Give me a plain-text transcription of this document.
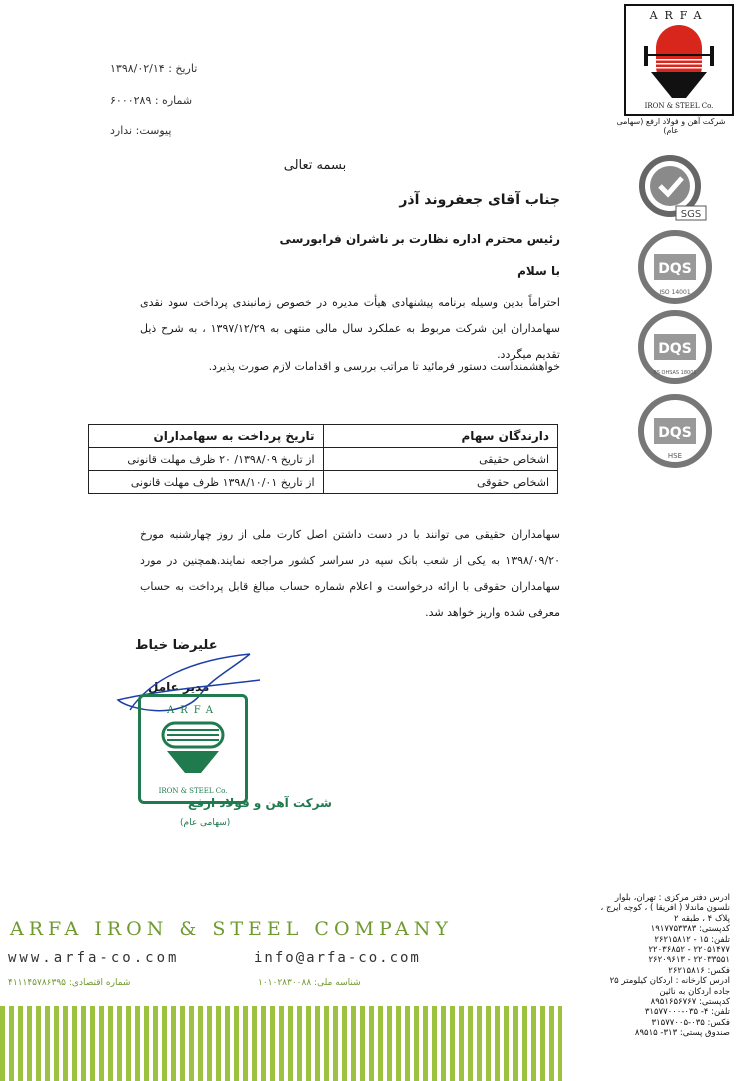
تاریخ : ۱۳۹۸/۰۲/۱۴
شماره : ۶۰۰۰۲۸۹
پیوست: ندارد
ARFA
IRON & STEEL Co.
شرکت آهن و فولاد ارفع (سهامی عام)
SGS
DQS
ISO 14001
DQS
BS OHSAS 18001
DQS
HSE
بسمه تعالی
جناب آقای جعفروند آذر
رئیس محترم اداره نظارت بر ناشران فرابورسی
با سلام
احتراماً بدین وسیله برنامه پیشنهادی هیأت مدیره در خصوص زمانبندی پرداخت سود نقدی سهامداران این شرکت مربوط به عملکرد سال مالی منتهی به ۱۳۹۷/۱۲/۲۹ ، به شرح ذیل تقدیم میگردد.
خواهشمنداست دستور فرمائید تا مراتب بررسی و اقدامات لازم صورت پذیرد.
دارندگان سهام	تاریخ پرداخت به سهامداران
اشخاص حقیقی	از تاریخ ۱۳۹۸/۰۹/ ۲۰ ظرف مهلت قانونی
اشخاص حقوقی	از تاریخ ۱۳۹۸/۱۰/۰۱ ظرف مهلت قانونی
سهامداران حقیقی می توانند با در دست داشتن اصل کارت ملی از روز چهارشنبه مورخ ۱۳۹۸/۰۹/۲۰ به یکی از شعب بانک سپه در سراسر کشور مراجعه نمایند.همچنین در مورد سهامداران حقوقی با ارائه درخواست و اعلام شماره حساب مبالغ قابل پرداخت به حساب معرفی شده واریز خواهد شد.
علیرضا خیاط
مدیر عامل
ARFA
IRON & STEEL Co.
شرکت آهن و فولاد ارفع
(سهامی عام)
ARFA IRON & STEEL COMPANY
www.arfa-co.com	info@arfa-co.com
شماره اقتصادی: ۴۱۱۱۴۵۷۸۶۳۹۵	شناسه ملی: ۱۰۱۰۲۸۳۰۰۸۸
آدرس دفتر مرکزی : تهران، بلوار
نلسون ماندلا ( آفریقا ) ، کوچه ایرج ،
پلاک ۴ ، طبقه ۲
کدپستی: ۱۹۱۷۷۵۳۳۸۳
تلفن: ۱۵ - ۲۶۲۱۵۸۱۲
۲۲۰۵۱۴۷۷ - ۲۲۰۳۶۸۵۲
۲۲۰۳۳۵۵۱ - ۲۶۲۰۹۶۱۳
فکس: ۲۶۲۱۵۸۱۶
آدرس کارخانه : اردکان کیلومتر ۲۵
جاده اردکان به نائین
کدپستی: ۸۹۵۱۶۵۶۷۶۷
تلفن: ۴- ۰۳۵-۳۱۵۷۷۰۰۰
فکس: ۰۳۵-۳۱۵۷۷۰۰۵
صندوق پستی: ۳۱۳- ۸۹۵۱۵
